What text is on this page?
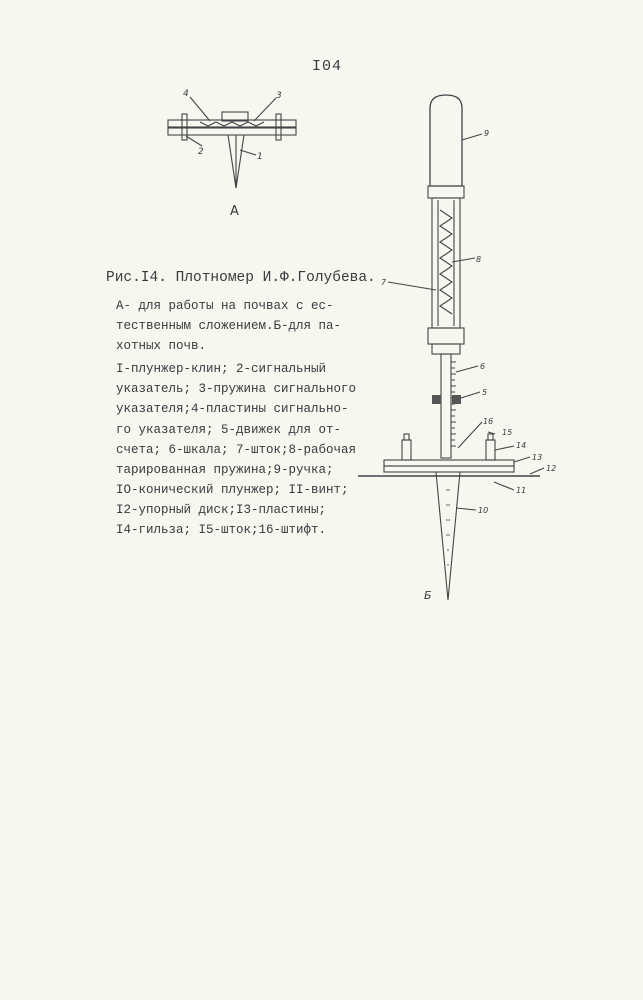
I04
4	3
2	1
А
9
8
7
6
5
16
15
14
13
12
11
10
Б
Рис.I4. Плотномер И.Ф.Голубева.
А- для работы на почвах с ес-
тественным сложением.Б-для па-
хотных почв.
I-плунжер-клин; 2-сигнальный
указатель; 3-пружина сигнального
указателя;4-пластины сигнально-
го указателя; 5-движек для от-
счета; 6-шкала; 7-шток;8-рабочая
тарированная пружина;9-ручка;
IO-конический плунжер; II-винт;
I2-упорный диск;I3-пластины;
I4-гильза; I5-шток;16-штифт.
